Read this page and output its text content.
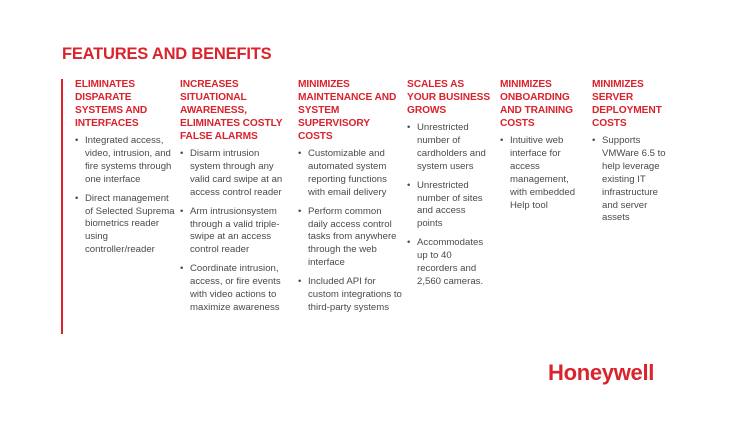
FEATURES AND BENEFITS
ELIMINATES DISPARATE SYSTEMS AND INTERFACES
• Integrated access, video, intrusion, and fire systems through one interface
• Direct management of Selected Suprema biometrics reader using controller/reader
INCREASES SITUATIONAL AWARENESS, ELIMINATES COSTLY FALSE ALARMS
• Disarm intrusion system through any valid card swipe at an access control reader
• Arm intrusionsystem through a valid triple-swipe at an access control reader
• Coordinate intrusion, access, or fire events with video actions to maximize awareness
MINIMIZES MAINTENANCE AND SYSTEM SUPERVISORY COSTS
• Customizable and automated system reporting functions with email delivery
• Perform common daily access control tasks from anywhere through the web interface
• Included API for custom integrations to third-party systems
SCALES AS YOUR BUSINESS GROWS
• Unrestricted number of cardholders and system users
• Unrestricted number of sites and access points
• Accommodates up to 40 recorders and 2,560 cameras.
MINIMIZES ONBOARDING AND TRAINING COSTS
• Intuitive web interface for access management, with embedded Help tool
MINIMIZES SERVER DEPLOYMENT COSTS
• Supports VMWare 6.5 to help leverage existing IT infrastructure and server assets
Honeywell
